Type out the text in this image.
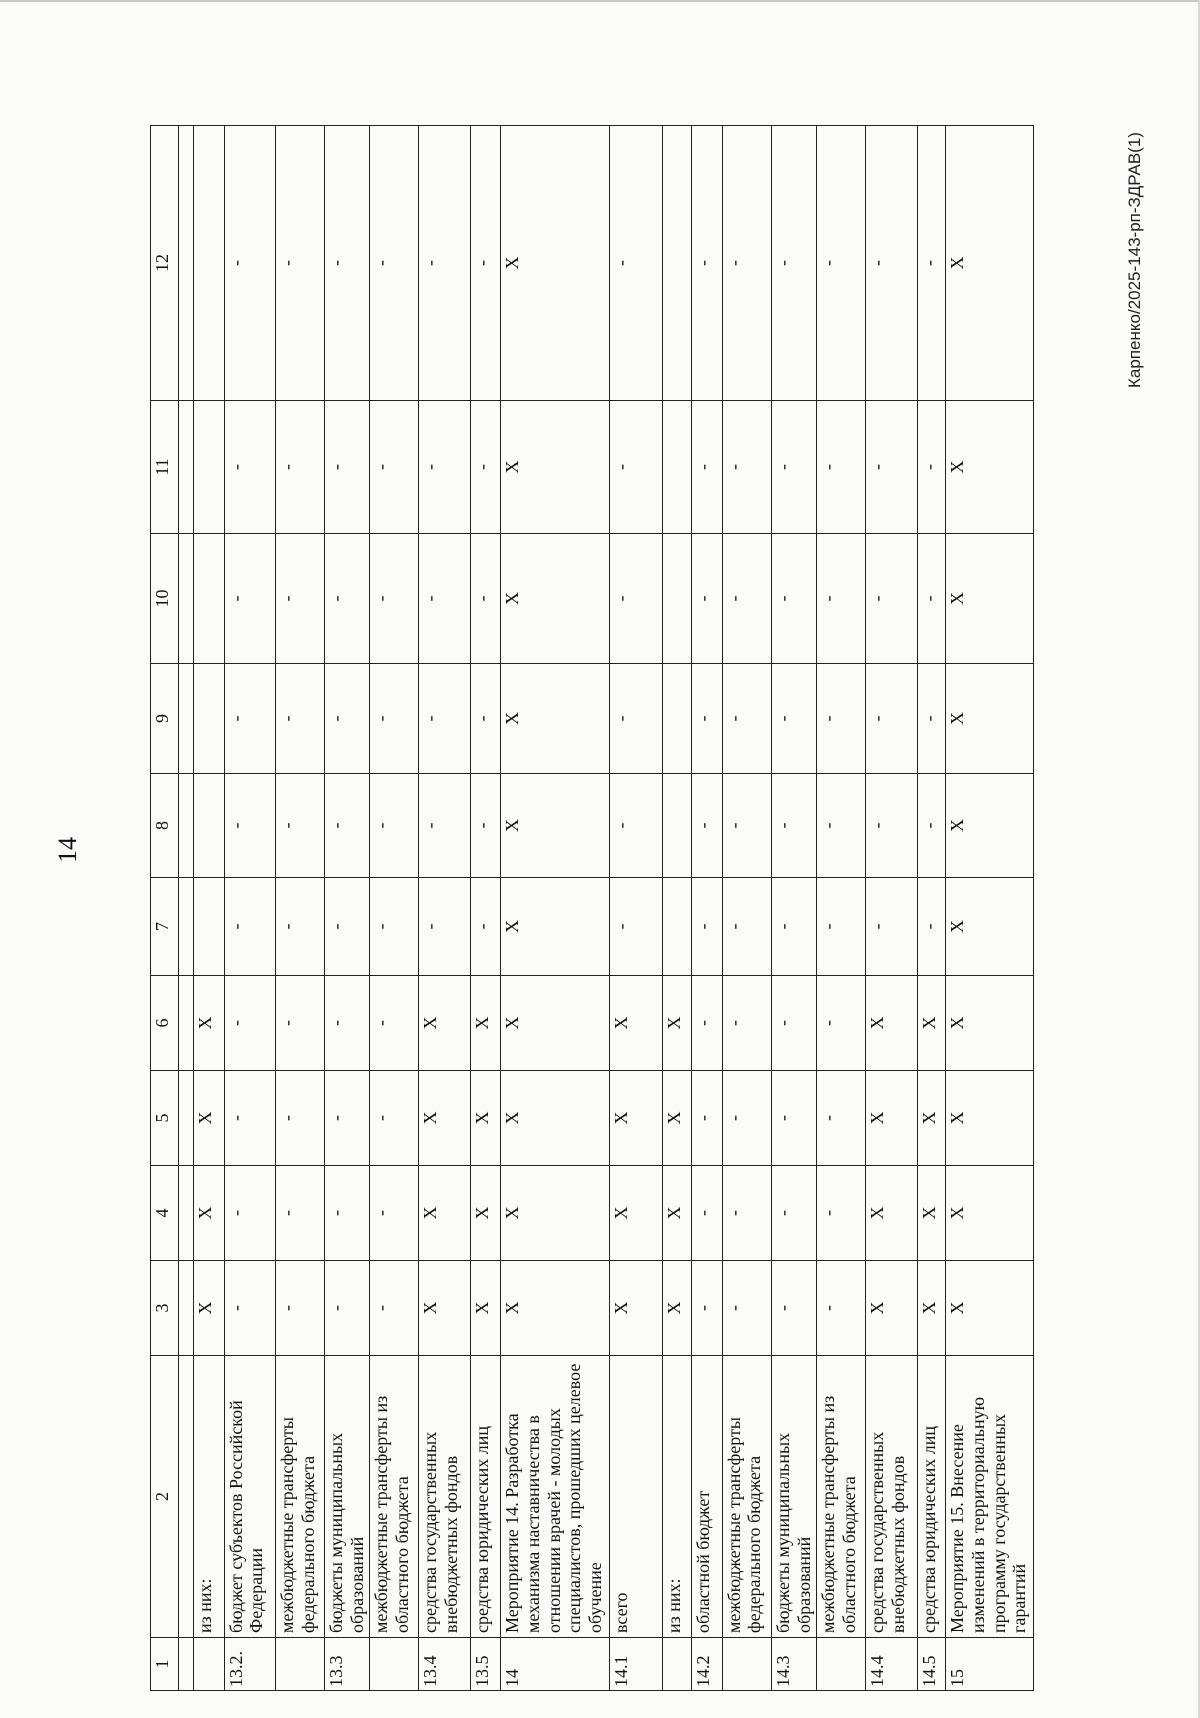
14
Карпенко/2025-143-рп-ЗДРАВ(1)
1	2	3	4	5	6	7	8	9	10	11	12

	из них:	X	X	X	X						
13.2.	бюджет субъектов Российской Федерации	-	-	-	-	-	-	-	-	-	-
	межбюджетные трансферты федерального бюджета	-	-	-	-	-	-	-	-	-	-
13.3	бюджеты муниципальных образований	-	-	-	-	-	-	-	-	-	-
	межбюджетные трансферты из областного бюджета	-	-	-	-	-	-	-	-	-	-
13.4	средства государственных внебюджетных фондов	X	X	X	X	-	-	-	-	-	-
13.5	средства юридических лиц	X	X	X	X	-	-	-	-	-	-
14	Мероприятие 14. Разработка механизма наставничества в отношении врачей - молодых специалистов, прошедших целевое обучение	X	X	X	X	X	X	X	X	X	X
14.1	всего	X	X	X	X	-	-	-	-	-	-
	из них:	X	X	X	X						
14.2	областной бюджет	-	-	-	-	-	-	-	-	-	-
	межбюджетные трансферты федерального бюджета	-	-	-	-	-	-	-	-	-	-
14.3	бюджеты муниципальных образований	-	-	-	-	-	-	-	-	-	-
	межбюджетные трансферты из областного бюджета	-	-	-	-	-	-	-	-	-	-
14.4	средства государственных внебюджетных фондов	X	X	X	X	-	-	-	-	-	-
14.5	средства юридических лиц	X	X	X	X	-	-	-	-	-	-
15	Мероприятие 15. Внесение изменений в территориальную программу государственных гарантий	X	X	X	X	X	X	X	X	X	X
